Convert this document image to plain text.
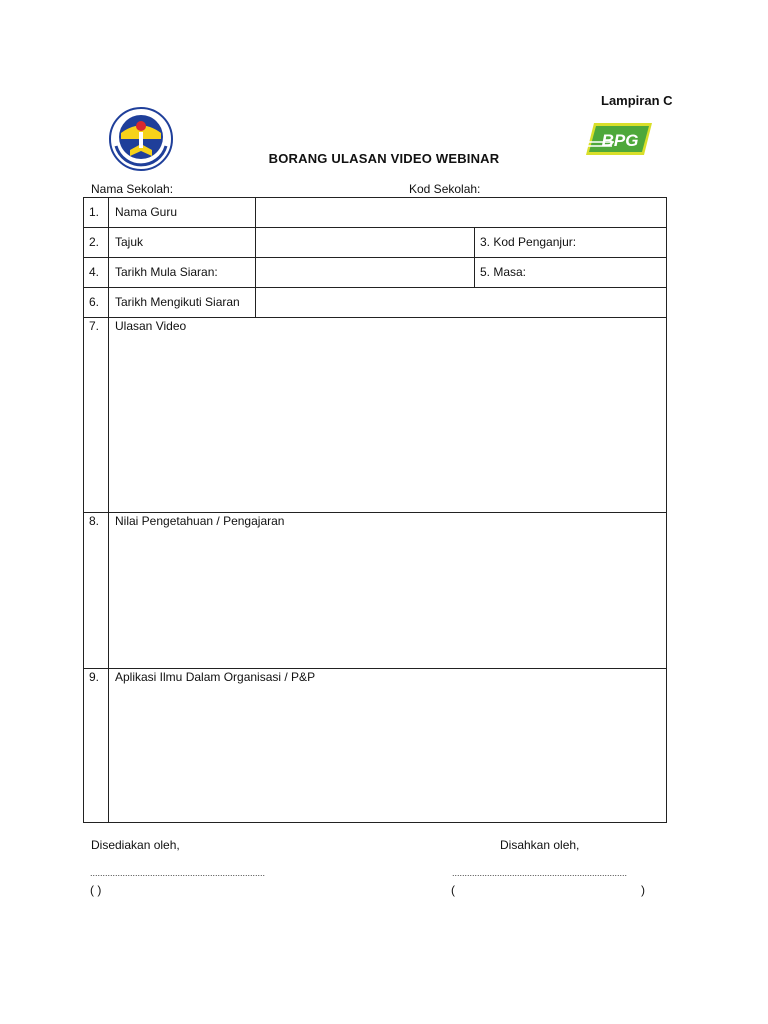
Lampiran C
BPG
BORANG ULASAN VIDEO WEBINAR
Nama Sekolah:	Kod Sekolah:
1. Nama Guru
2. Tajuk	3. Kod Penganjur:
4. Tarikh Mula Siaran:	5. Masa:
6. Tarikh Mengikuti Siaran
7. Ulasan Video
8. Nilai Pengetahuan / Pengajaran
9. Aplikasi Ilmu Dalam Organisasi / P&P
Disediakan oleh,	Disahkan oleh,
......................................................................	......................................................................
( )	(	)
